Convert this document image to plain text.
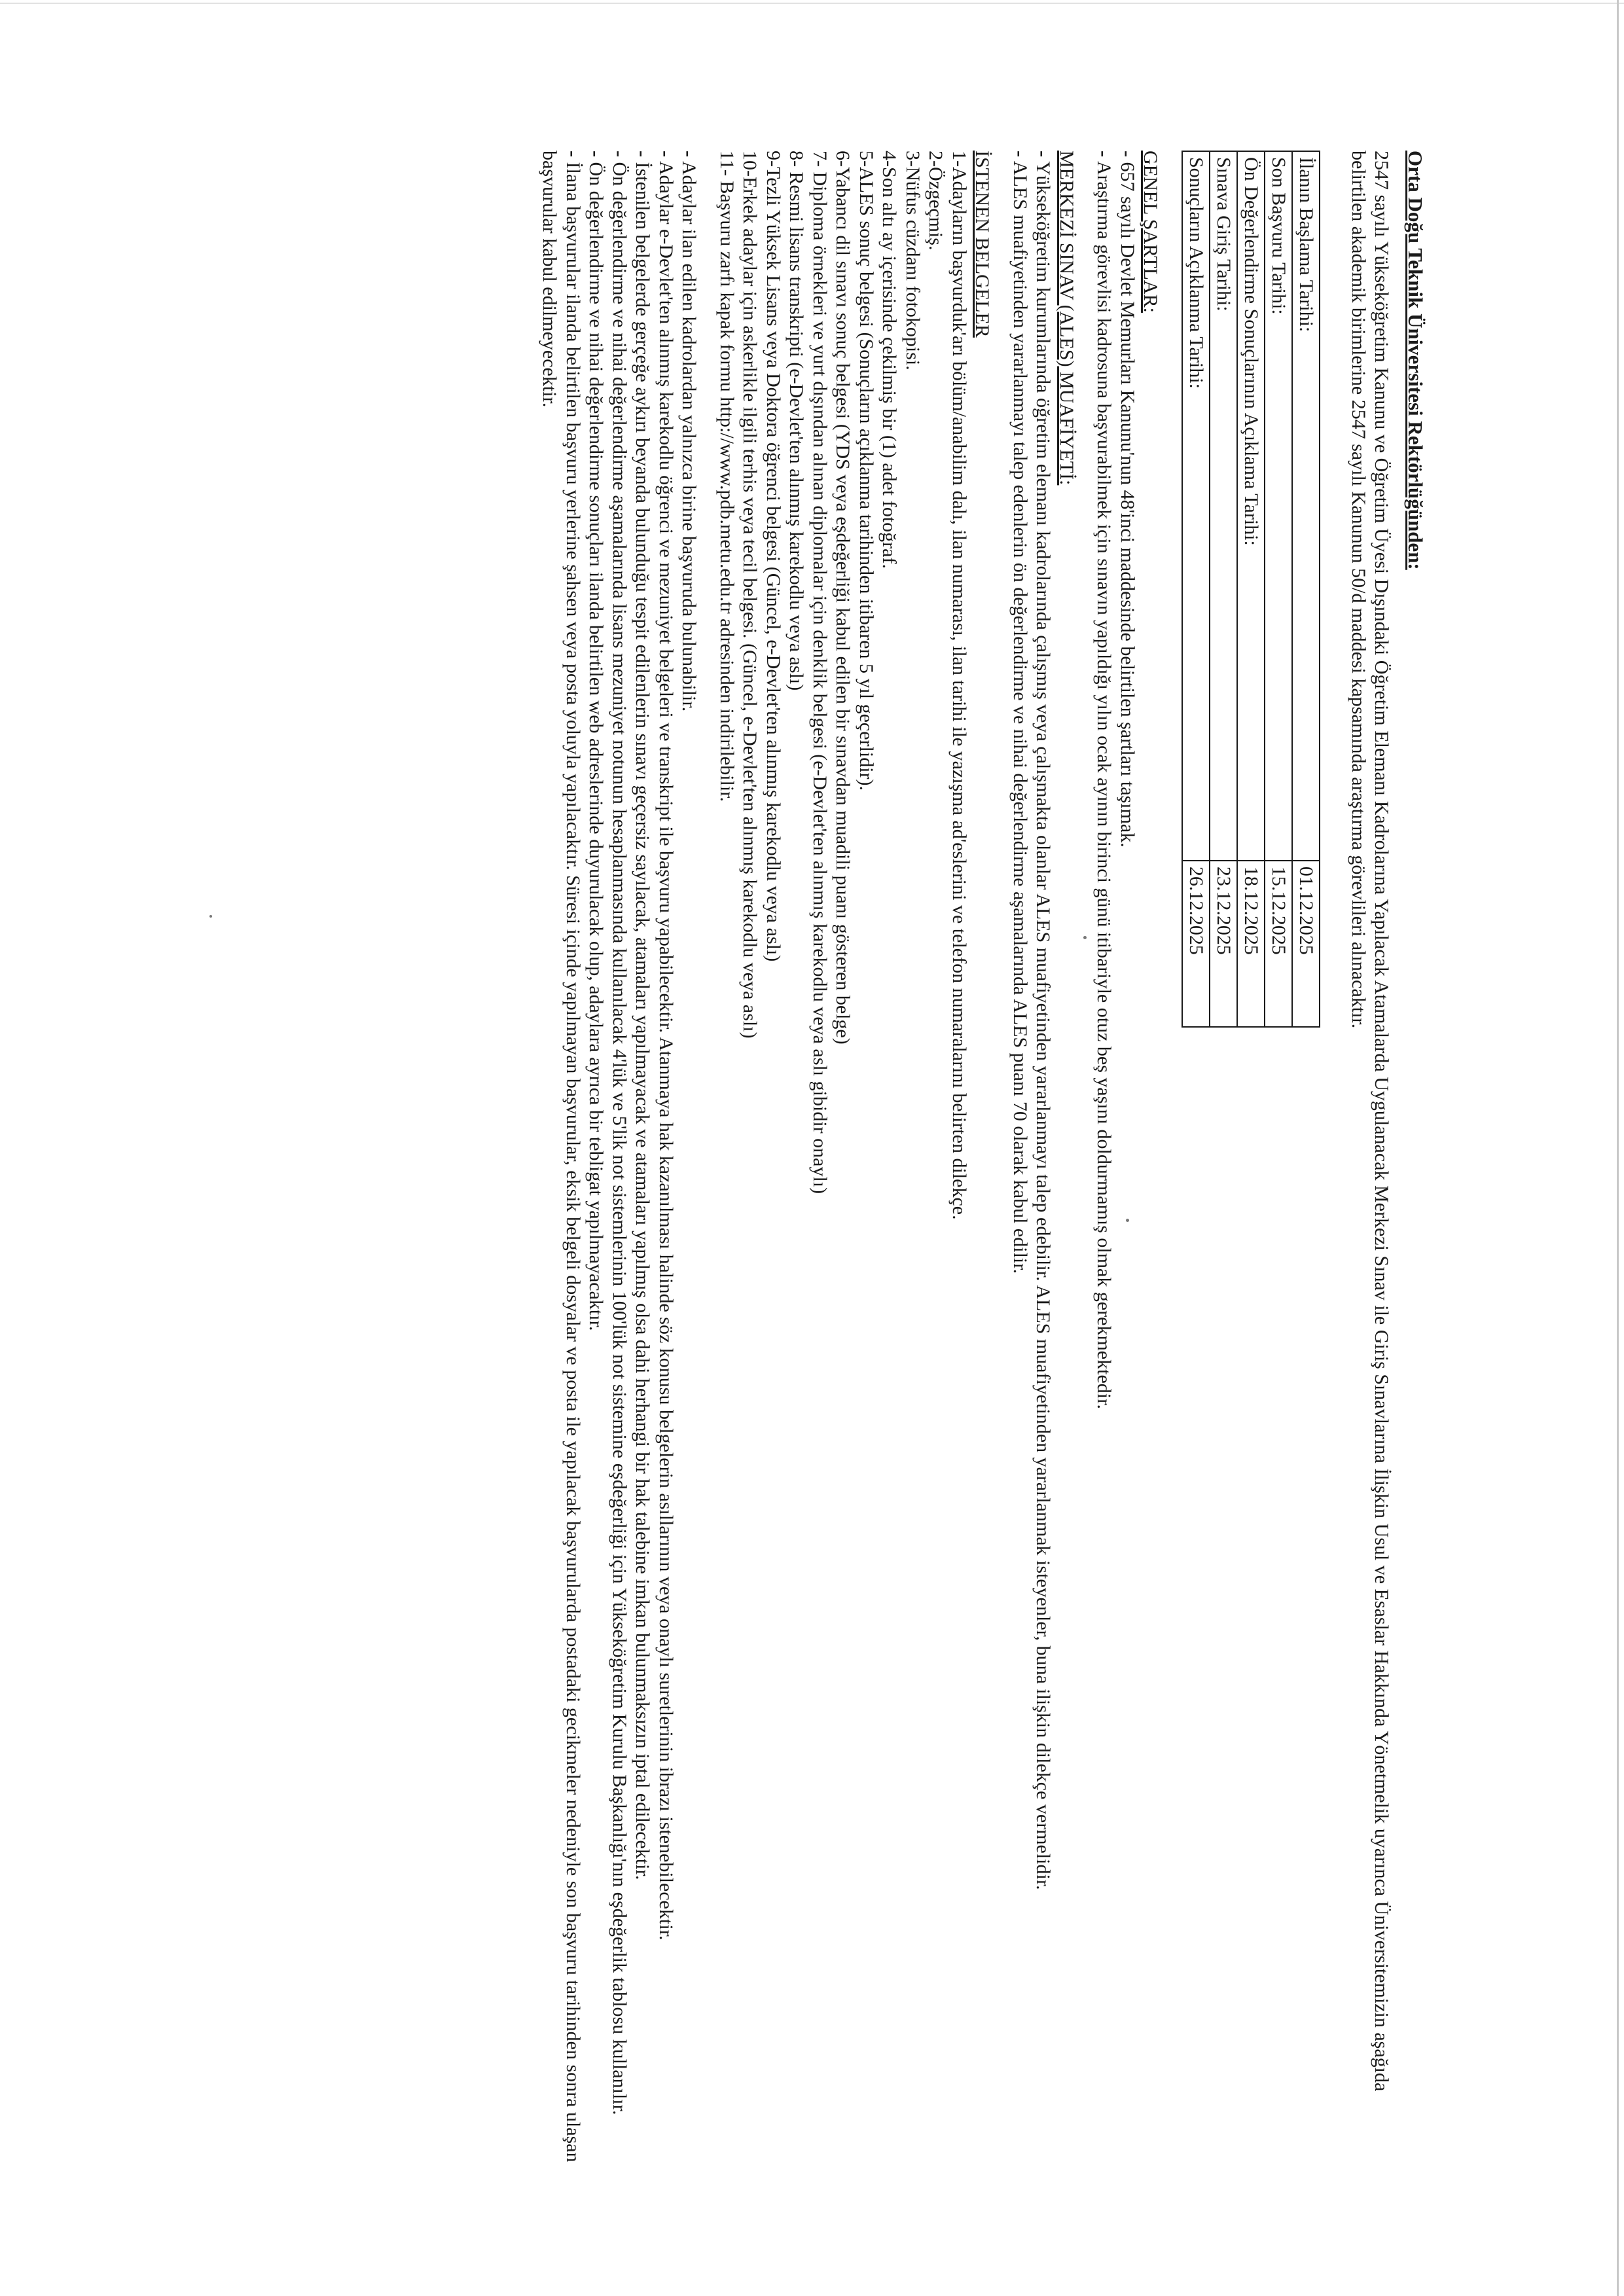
Orta Doğu Teknik Üniversitesi Rektörlüğünden:

2547 sayılı Yükseköğretim Kanunu ve Öğretim Üyesi Dışındaki Öğretim Elemanı Kadrolarına Yapılacak Atamalarda Uygulanacak Merkezi Sınav ile Giriş Sınavlarına İlişkin Usul ve Esaslar Hakkında Yönetmelik uyarınca Üniversitemizin aşağıda belirtilen akademik birimlerine 2547 sayılı Kanunun 50/d maddesi kapsamında araştırma görevlileri alınacaktır.

İlanın Başlama Tarihi:	01.12.2025
Son Başvuru Tarihi:	15.12.2025
Ön Değerlendirme Sonuçlarının Açıklama Tarihi:	18.12.2025
Sınava Giriş Tarihi:	23.12.2025
Sonuçların Açıklanma Tarihi:	26.12.2025

GENEL ŞARTLAR:

- 657 sayılı Devlet Memurları Kanunu'nun 48'inci maddesinde belirtilen şartları taşımak.

- Araştırma görevlisi kadrosuna başvurabilmek için sınavın yapıldığı yılın ocak ayının birinci günü itibariyle otuz beş yaşını doldurmamış olmak gerekmektedir.

MERKEZİ SINAV (ALES) MUAFİYETİ:

- Yükseköğretim kurumlarında öğretim elemanı kadrolarında çalışmış veya çalışmakta olanlar ALES muafiyetinden yararlanmayı talep edebilir. ALES muafiyetinden yararlanmak isteyenler, buna ilişkin dilekçe vermelidir.

- ALES muafiyetinden yararlanmayı talep edenlerin ön değerlendirme ve nihai değerlendirme aşamalarında ALES puanı 70 olarak kabul edilir.

İSTENEN BELGELER

1-Adayların başvurduk'arı bölüm/anabilim dalı, ilan numarası, ilan tarihi ile yazışma ad'eslerini ve telefon numaralarını belirten dilekçe.

2-Özgeçmiş.

3-Nüfus cüzdanı fotokopisi.

4-Son altı ay içerisinde çekilmiş bir (1) adet fotoğraf.

5-ALES sonuç belgesi (Sonuçların açıklanma tarihinden itibaren 5 yıl geçerlidir).

6-Yabancı dil sınavı sonuç belgesi (YDS veya eşdeğerliği kabul edilen bir sınavdan muadili puanı gösteren belge)

7- Diploma örnekleri ve yurt dışından alınan diplomalar için denklik belgesi (e-Devlet'ten alınmış karekodlu veya aslı gibidir onaylı)

8- Resmi lisans transkripti (e-Devlet'ten alınmış karekodlu veya aslı)

9-Tezli Yüksek Lisans veya Doktora öğrenci belgesi (Güncel, e-Devlet'ten alınmış karekodlu veya aslı)

10-Erkek adaylar için askerlikle ilgili terhis veya tecil belgesi. (Güncel, e-Devlet'ten alınmış karekodlu veya aslı)

11- Başvuru zarfı kapak formu http://www.pdb.metu.edu.tr adresinden indirilebilir.

- Adaylar ilan edilen kadrolardan yalnızca birine başvuruda bulunabilir.

- Adaylar e-Devlet'ten alınmış karekodlu öğrenci ve mezuniyet belgeleri ve transkript ile başvuru yapabilecektir. Atanmaya hak kazanılması halinde söz konusu belgelerin asıllarının veya onaylı suretlerinin ibrazı istenebilecektir.

- İstenilen belgelerde gerçeğe aykırı beyanda bulunduğu tespit edilenlerin sınavı geçersiz sayılacak, atamaları yapılmayacak ve atamaları yapılmış olsa dahi herhangi bir hak talebine imkan bulunmaksızın iptal edilecektir.

- Ön değerlendirme ve nihai değerlendirme aşamalarında lisans mezuniyet notunun hesaplanmasında kullanılacak 4'lük ve 5'lik not sistemlerinin 100'lük not sistemine eşdeğerliği için Yükseköğretim Kurulu Başkanlığı'nın eşdeğerlik tablosu kullanılır.

- Ön değerlendirme ve nihai değerlendirme sonuçları ilanda belirtilen web adreslerinde duyurulacak olup, adaylara ayrıca bir tebligat yapılmayacaktır.

- İlana başvurular ilanda belirtilen başvuru yerlerine şahsen veya posta yoluyla yapılacaktır. Süresi içinde yapılmayan başvurular, eksik belgeli dosyalar ve posta ile yapılacak başvurularda postadaki gecikmeler nedeniyle son başvuru tarihinden sonra ulaşan başvurular kabul edilmeyecektir.
